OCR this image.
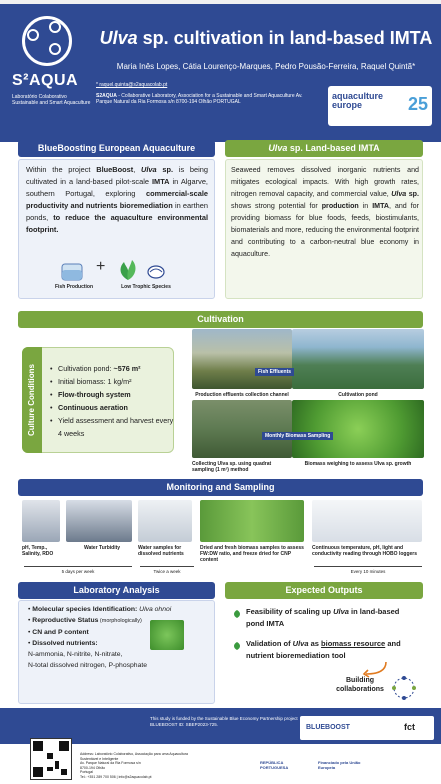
S²AQUA
Laboratório Colaborativo
Sustainable and Smart Aquaculture
Ulva sp. cultivation in land-based IMTA
Maria Inês Lopes, Cátia Lourenço-Marques, Pedro Pousão-Ferreira, Raquel Quintã*
* raquel.quinta@s2aquacolab.pt
S2AQUA - Collaborative Laboratory, Association for a Sustainable and Smart Aquaculture Av. Parque Natural da Ria Formosa s/n 8700-194 Olhão PORTUGAL
aquaculture
europe	25
BlueBoosting European Aquaculture
Within the project BlueBoost, Ulva sp. is being cultivated in a land-based pilot-scale IMTA in Algarve, southern Portugal, exploring commercial-scale productivity and nutrients bioremediation in earthen ponds, to reduce the aquaculture environmental footprint.
+
Fish Production	Low Trophic Species
Ulva sp. Land-based IMTA
Seaweed removes dissolved inorganic nutrients and mitigates ecological impacts. With high growth rates, nitrogen removal capacity, and commercial value, Ulva sp. shows strong potential for production in IMTA, and for providing biomass for blue foods, feeds, biostimulants, biomaterials and more, reducing the environmental footprint and contributing to a carbon-neutral blue economy in aquaculture.
Cultivation
Culture Conditions
•	Cultivation pond: ~576 m²
• Initial biomass: 1 kg/m²
• Flow-through system
• Continuous aeration
• Yield assessment and harvest every 4 weeks
Fish Effluents
Production effluents collection channel	Cultivation pond
Monthly Biomass Sampling
Collecting Ulva sp. using quadrat sampling (1 m²) method
Biomass weighing to assess Ulva sp. growth
Monitoring and Sampling
pH, Temp., Salinity, RDO
Water Turbidity	Water samples for dissolved nutrients
Dried and fresh biomass samples to assess FW:DW ratio, and freeze dried for CNP content
Continuous temperature, pH, light and conductivity reading through HOBO loggers
5 days per week	Twice a week	Every 10 minutes
Laboratory Analysis
• Molecular species Identification: Ulva ohnoi
• Reproductive Status (morphologically)
• CN and P content
• Dissolved nutrients:
N-ammonia, N-nitrite, N-nitrate,
N-total dissolved nitrogen, P-phosphate
Expected Outputs
Feasibility of scaling up Ulva in land-based pond IMTA
Validation of Ulva as biomass resource and nutrient bioremediation tool
Building collaborations
This study is funded by the Sustainable Blue Economy Partnership project BLUEBOOST ID: SBEP2023-725.	BLUEBOOST	fct
Address: Laboratório Colaborativo, Associação para uma Aquacultura Sustentável e Inteligente
Av. Parque Natural da Ria Formosa s/n
8700-194 Olhão
Portugal
Tel.: +351 289 700 506 | info@s2aquacolab.pt
REPÚBLICA PORTUGUESA
Financiado pela União Europeia
